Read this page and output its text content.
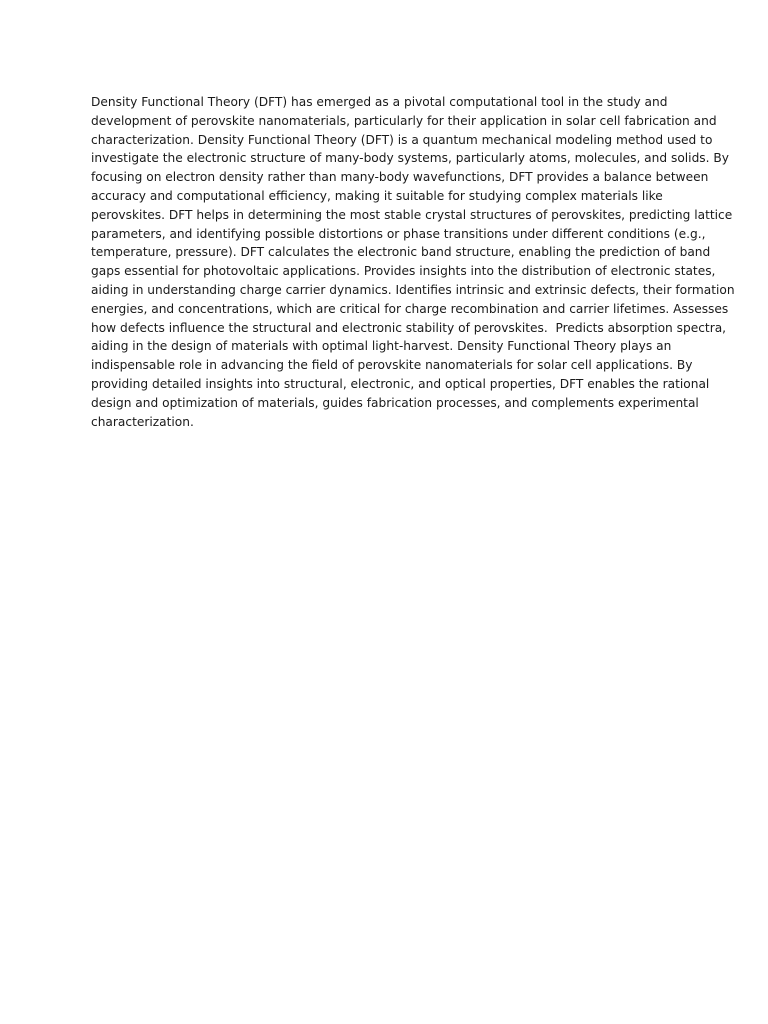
Density Functional Theory (DFT) has emerged as a pivotal computational tool in the study and
development of perovskite nanomaterials, particularly for their application in solar cell fabrication and
characterization. Density Functional Theory (DFT) is a quantum mechanical modeling method used to
investigate the electronic structure of many-body systems, particularly atoms, molecules, and solids. By
focusing on electron density rather than many-body wavefunctions, DFT provides a balance between
accuracy and computational efficiency, making it suitable for studying complex materials like
perovskites. DFT helps in determining the most stable crystal structures of perovskites, predicting lattice
parameters, and identifying possible distortions or phase transitions under different conditions (e.g.,
temperature, pressure). DFT calculates the electronic band structure, enabling the prediction of band
gaps essential for photovoltaic applications. Provides insights into the distribution of electronic states,
aiding in understanding charge carrier dynamics. Identifies intrinsic and extrinsic defects, their formation
energies, and concentrations, which are critical for charge recombination and carrier lifetimes. Assesses
how defects influence the structural and electronic stability of perovskites.  Predicts absorption spectra,
aiding in the design of materials with optimal light-harvest. Density Functional Theory plays an
indispensable role in advancing the field of perovskite nanomaterials for solar cell applications. By
providing detailed insights into structural, electronic, and optical properties, DFT enables the rational
design and optimization of materials, guides fabrication processes, and complements experimental
characterization.
